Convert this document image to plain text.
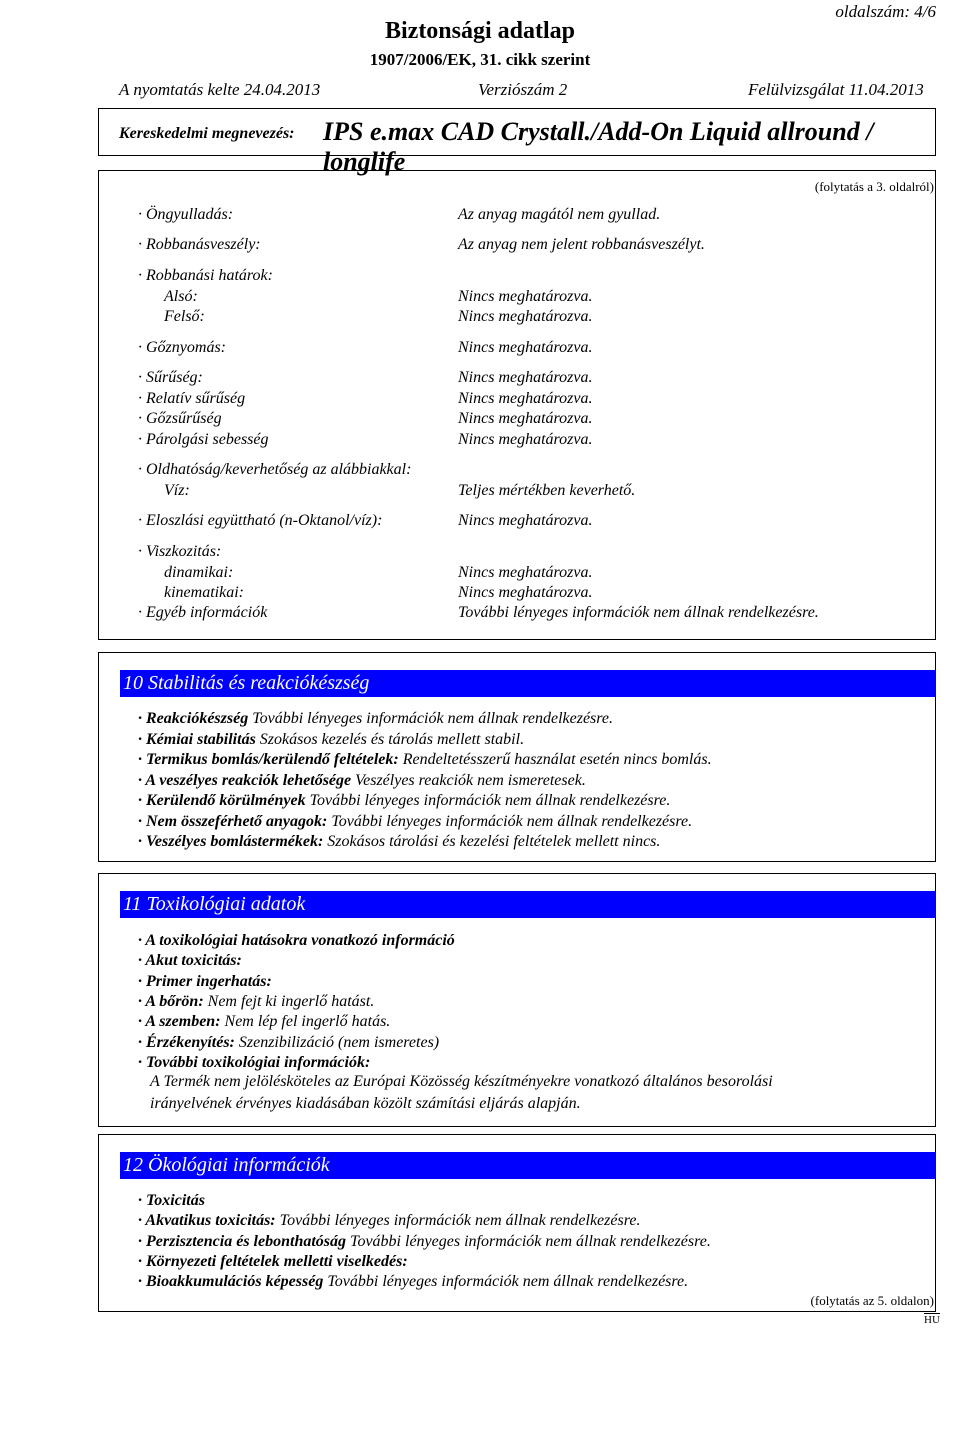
Biztonsági adatlap
1907/2006/EK, 31. cikk szerint
oldalszám: 4/6
A nyomtatás kelte 24.04.2013	Verziószám 2	Felülvizsgálat 11.04.2013
Kereskedelmi megnevezés: IPS e.max CAD Crystall./Add-On Liquid allround / longlife
(folytatás a 3. oldalról)
· Öngyulladás:	Az anyag magától nem gyullad.
· Robbanásveszély:	Az anyag nem jelent robbanásveszélyt.
· Robbanási határok:
Alsó:	Nincs meghatározva.
Felső:	Nincs meghatározva.
· Gőznyomás:	Nincs meghatározva.
· Sűrűség:	Nincs meghatározva.
· Relatív sűrűség	Nincs meghatározva.
· Gőzsűrűség	Nincs meghatározva.
· Párolgási sebesség	Nincs meghatározva.
· Oldhatóság/keverhetőség az alábbiakkal:
Víz:	Teljes mértékben keverhető.
· Eloszlási együttható (n-Oktanol/víz):	Nincs meghatározva.
· Viszkozitás:
dinamikai:	Nincs meghatározva.
kinematikai:	Nincs meghatározva.
· Egyéb információk	További lényeges információk nem állnak rendelkezésre.
10 Stabilitás és reakciókészség
· Reakciókészség További lényeges információk nem állnak rendelkezésre.
· Kémiai stabilitás Szokásos kezelés és tárolás mellett stabil.
· Termikus bomlás/kerülendő feltételek: Rendeltetésszerű használat esetén nincs bomlás.
· A veszélyes reakciók lehetősége Veszélyes reakciók nem ismeretesek.
· Kerülendő körülmények További lényeges információk nem állnak rendelkezésre.
· Nem összeférhető anyagok: További lényeges információk nem állnak rendelkezésre.
· Veszélyes bomlástermékek: Szokásos tárolási és kezelési feltételek mellett nincs.
11 Toxikológiai adatok
· A toxikológiai hatásokra vonatkozó információ
· Akut toxicitás:
· Primer ingerhatás:
· A bőrön: Nem fejt ki ingerlő hatást.
· A szemben: Nem lép fel ingerlő hatás.
· Érzékenyítés: Szenzibilizáció (nem ismeretes)
· További toxikológiai információk:
A Termék nem jelölésköteles az Európai Közösség készítményekre vonatkozó általános besorolási
irányelvének érvényes kiadásában közölt számítási eljárás alapján.
12 Ökológiai információk
· Toxicitás
· Akvatikus toxicitás: További lényeges információk nem állnak rendelkezésre.
· Perzisztencia és lebonthatóság További lényeges információk nem állnak rendelkezésre.
· Környezeti feltételek melletti viselkedés:
· Bioakkumulációs képesség További lényeges információk nem állnak rendelkezésre.
(folytatás az 5. oldalon)
HU
